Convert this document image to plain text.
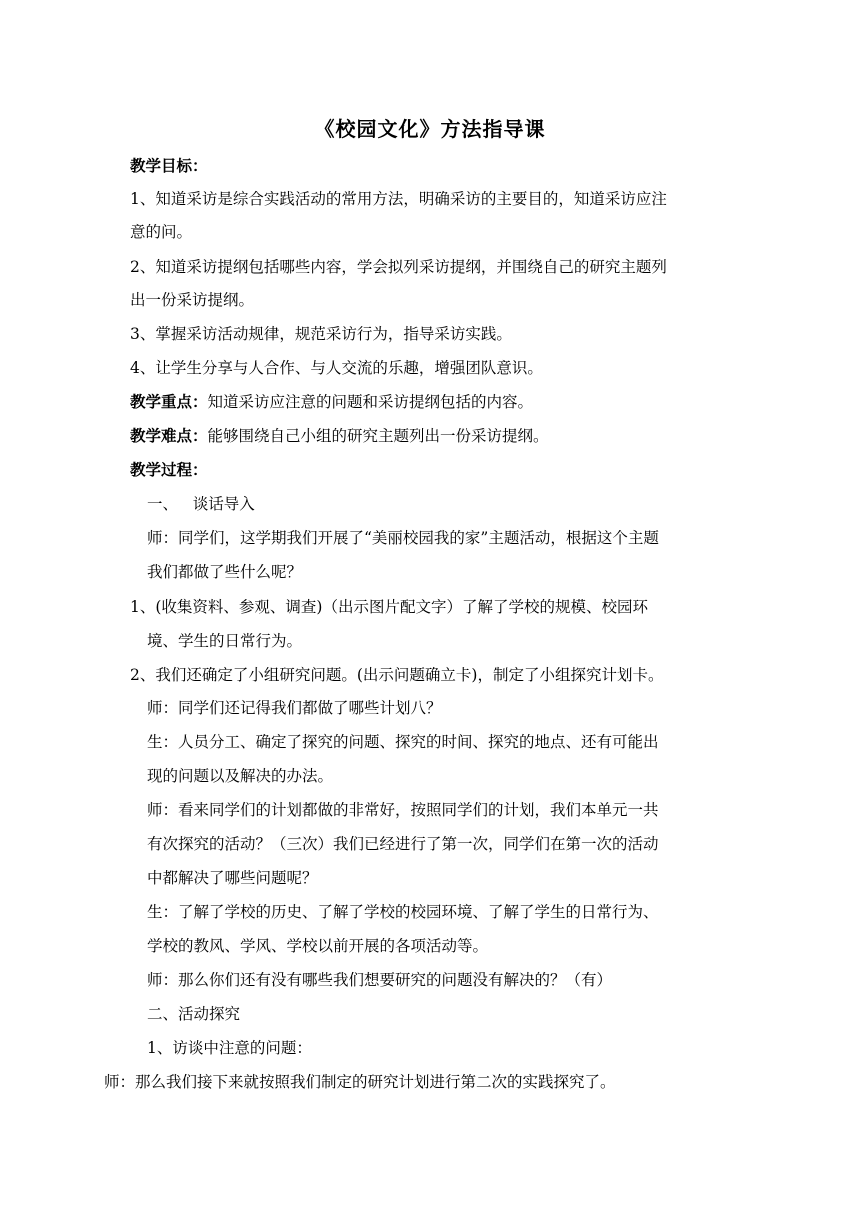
《校园文化》方法指导课
教学目标：
1、知道采访是综合实践活动的常用方法，明确采访的主要目的，知道采访应注
意的问。
2、知道采访提纲包括哪些内容，学会拟列采访提纲，并围绕自己的研究主题列
出一份采访提纲。
3、掌握采访活动规律，规范采访行为，指导采访实践。
4、让学生分享与人合作、与人交流的乐趣，增强团队意识。
教学重点：知道采访应注意的问题和采访提纲包括的内容。
教学难点：能够围绕自己小组的研究主题列出一份采访提纲。
教学过程：
一、   谈话导入
师：同学们，这学期我们开展了“美丽校园我的家”主题活动，根据这个主题
我们都做了些什么呢？
1、(收集资料、参观、调查)（出示图片配文字）了解了学校的规模、校园环
境、学生的日常行为。
2、我们还确定了小组研究问题。(出示问题确立卡)，制定了小组探究计划卡。
师：同学们还记得我们都做了哪些计划八？
生：人员分工、确定了探究的问题、探究的时间、探究的地点、还有可能出
现的问题以及解决的办法。
师：看来同学们的计划都做的非常好，按照同学们的计划，我们本单元一共
有次探究的活动？（三次）我们已经进行了第一次，同学们在第一次的活动
中都解决了哪些问题呢？
生：了解了学校的历史、了解了学校的校园环境、了解了学生的日常行为、
学校的教风、学风、学校以前开展的各项活动等。
师：那么你们还有没有哪些我们想要研究的问题没有解决的？（有）
二、活动探究
1、访谈中注意的问题：
师：那么我们接下来就按照我们制定的研究计划进行第二次的实践探究了。
